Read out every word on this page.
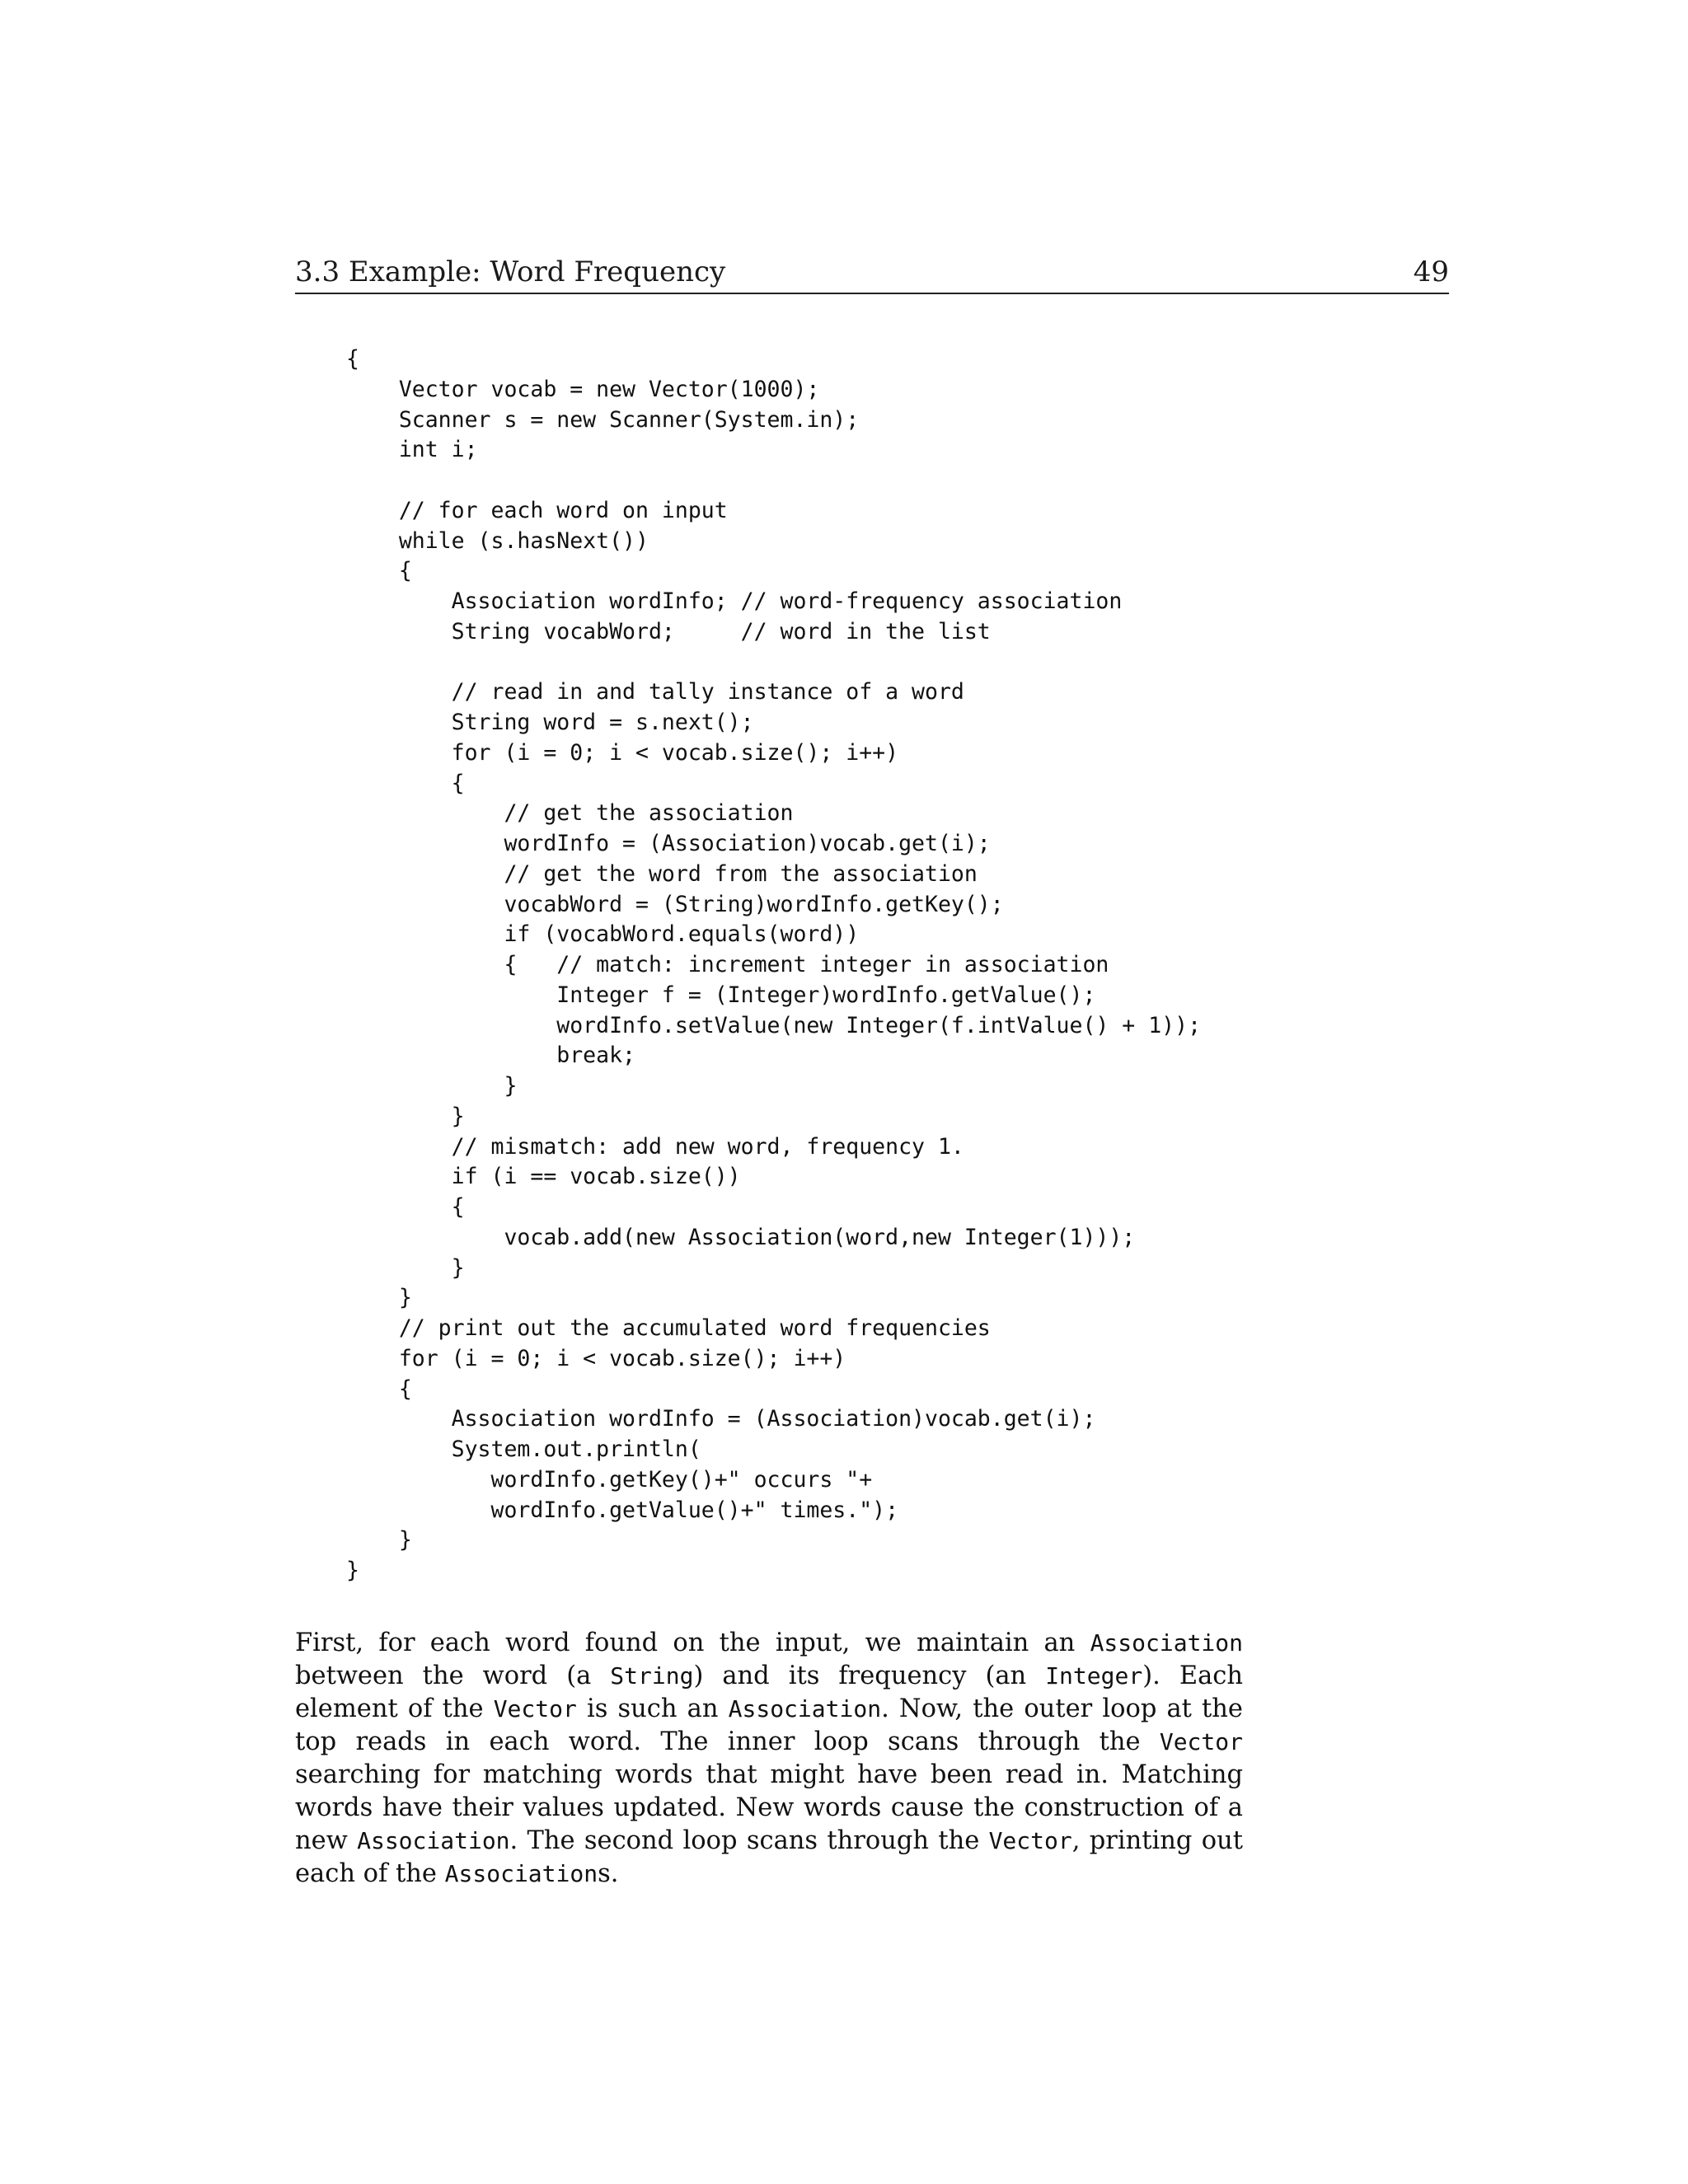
3.3 Example: Word Frequency	49
{
Vector vocab = new Vector(1000);
Scanner s = new Scanner(System.in);
int i;
// for each word on input
while (s.hasNext())
{
Association wordInfo; // word-frequency association
String vocabWord;     // word in the list
// read in and tally instance of a word
String word = s.next();
for (i = 0; i < vocab.size(); i++)
{
// get the association
wordInfo = (Association)vocab.get(i);
// get the word from the association
vocabWord = (String)wordInfo.getKey();
if (vocabWord.equals(word))
{   // match: increment integer in association
Integer f = (Integer)wordInfo.getValue();
wordInfo.setValue(new Integer(f.intValue() + 1));
break;
}
}
// mismatch: add new word, frequency 1.
if (i == vocab.size())
{
vocab.add(new Association(word,new Integer(1)));
}
}
// print out the accumulated word frequencies
for (i = 0; i < vocab.size(); i++)
{
Association wordInfo = (Association)vocab.get(i);
System.out.println(
wordInfo.getKey()+" occurs "+
wordInfo.getValue()+" times.");
}
}

First, for each word found on the input, we maintain an Association between the word (a String) and its frequency (an Integer). Each element of the Vector is such an Association. Now, the outer loop at the top reads in each word. The inner loop scans through the Vector searching for matching words that might have been read in. Matching words have their values updated. New words cause the construction of a new Association. The second loop scans through the Vector, printing out each of the Associations.
